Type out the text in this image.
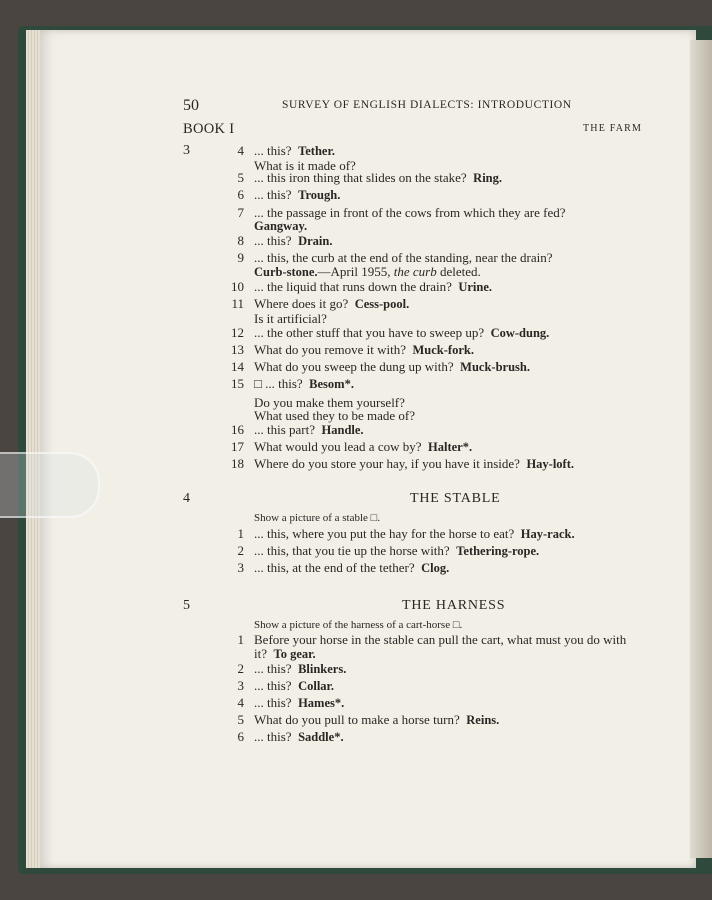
50	SURVEY OF ENGLISH DIALECTS: INTRODUCTION
BOOK I	THE FARM
3	4 ... this? Tether.
What is it made of?
5 ... this iron thing that slides on the stake? Ring.
6 ... this? Trough.
7 ... the passage in front of the cows from which they are fed?
Gangway.
8 ... this? Drain.
9 ... this, the curb at the end of the standing, near the drain?
Curb-stone.—April 1955, the curb deleted.
10 ... the liquid that runs down the drain? Urine.
11 Where does it go? Cess-pool.
Is it artificial?
12 ... the other stuff that you have to sweep up? Cow-dung.
13 What do you remove it with? Muck-fork.
14 What do you sweep the dung up with? Muck-brush.
15 □ ... this? Besom*.
Do you make them yourself?
What used they to be made of?
16 ... this part? Handle.
17 What would you lead a cow by? Halter*.
18 Where do you store your hay, if you have it inside? Hay-loft.
4	THE STABLE
Show a picture of a stable □.
1 ... this, where you put the hay for the horse to eat? Hay-rack.
2 ... this, that you tie up the horse with? Tethering-rope.
3 ... this, at the end of the tether? Clog.
5	THE HARNESS
Show a picture of the harness of a cart-horse □.
1 Before your horse in the stable can pull the cart, what must you do with
it? To gear.
2 ... this? Blinkers.
3 ... this? Collar.
4 ... this? Hames*.
5 What do you pull to make a horse turn? Reins.
6 ... this? Saddle*.
